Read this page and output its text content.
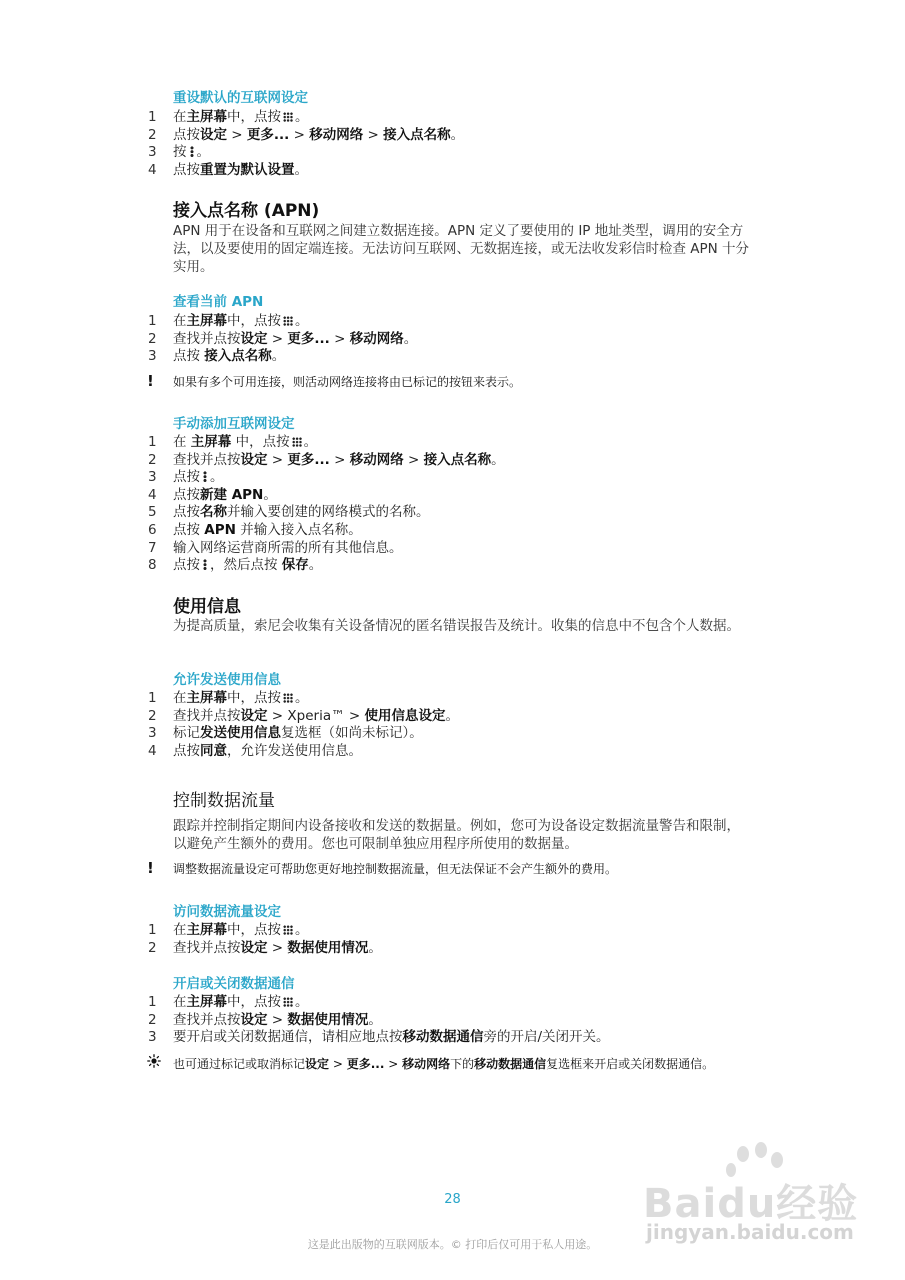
重设默认的互联网设定
1 在主屏幕中，点按 。
2 点按设定 > 更多... > 移动网络 > 接入点名称。
3 按 。
4 点按重置为默认设置。
接入点名称 (APN)
APN 用于在设备和互联网之间建立数据连接。APN 定义了要使用的 IP 地址类型，调用的安全方法，以及要使用的固定端连接。无法访问互联网、无数据连接，或无法收发彩信时检查 APN 十分实用。
查看当前 APN
1 在主屏幕中，点按 。
2 查找并点按设定 > 更多... > 移动网络。
3 点按 接入点名称。
! 如果有多个可用连接，则活动网络连接将由已标记的按钮来表示。
手动添加互联网设定
1 在 主屏幕 中，点按 。
2 查找并点按设定 > 更多... > 移动网络 > 接入点名称。
3 点按 。
4 点按新建 APN。
5 点按名称并输入要创建的网络模式的名称。
6 点按 APN 并输入接入点名称。
7 输入网络运营商所需的所有其他信息。
8 点按 ，然后点按 保存。
使用信息
为提高质量，索尼会收集有关设备情况的匿名错误报告及统计。收集的信息中不包含个人数据。
允许发送使用信息
1 在主屏幕中，点按 。
2 查找并点按设定 > Xperia™ > 使用信息设定。
3 标记发送使用信息复选框（如尚未标记）。
4 点按同意，允许发送使用信息。
控制数据流量
跟踪并控制指定期间内设备接收和发送的数据量。例如，您可为设备设定数据流量警告和限制，以避免产生额外的费用。您也可限制单独应用程序所使用的数据量。
! 调整数据流量设定可帮助您更好地控制数据流量，但无法保证不会产生额外的费用。
访问数据流量设定
1 在主屏幕中，点按 。
2 查找并点按设定 > 数据使用情况。
开启或关闭数据通信
1 在主屏幕中，点按 。
2 查找并点按设定 > 数据使用情况。
3 要开启或关闭数据通信，请相应地点按移动数据通信旁的开启/关闭开关。
也可通过标记或取消标记设定 > 更多... > 移动网络下的移动数据通信复选框来开启或关闭数据通信。
Baidu经验
jingyan.baidu.com
28
这是此出版物的互联网版本。© 打印后仅可用于私人用途。
